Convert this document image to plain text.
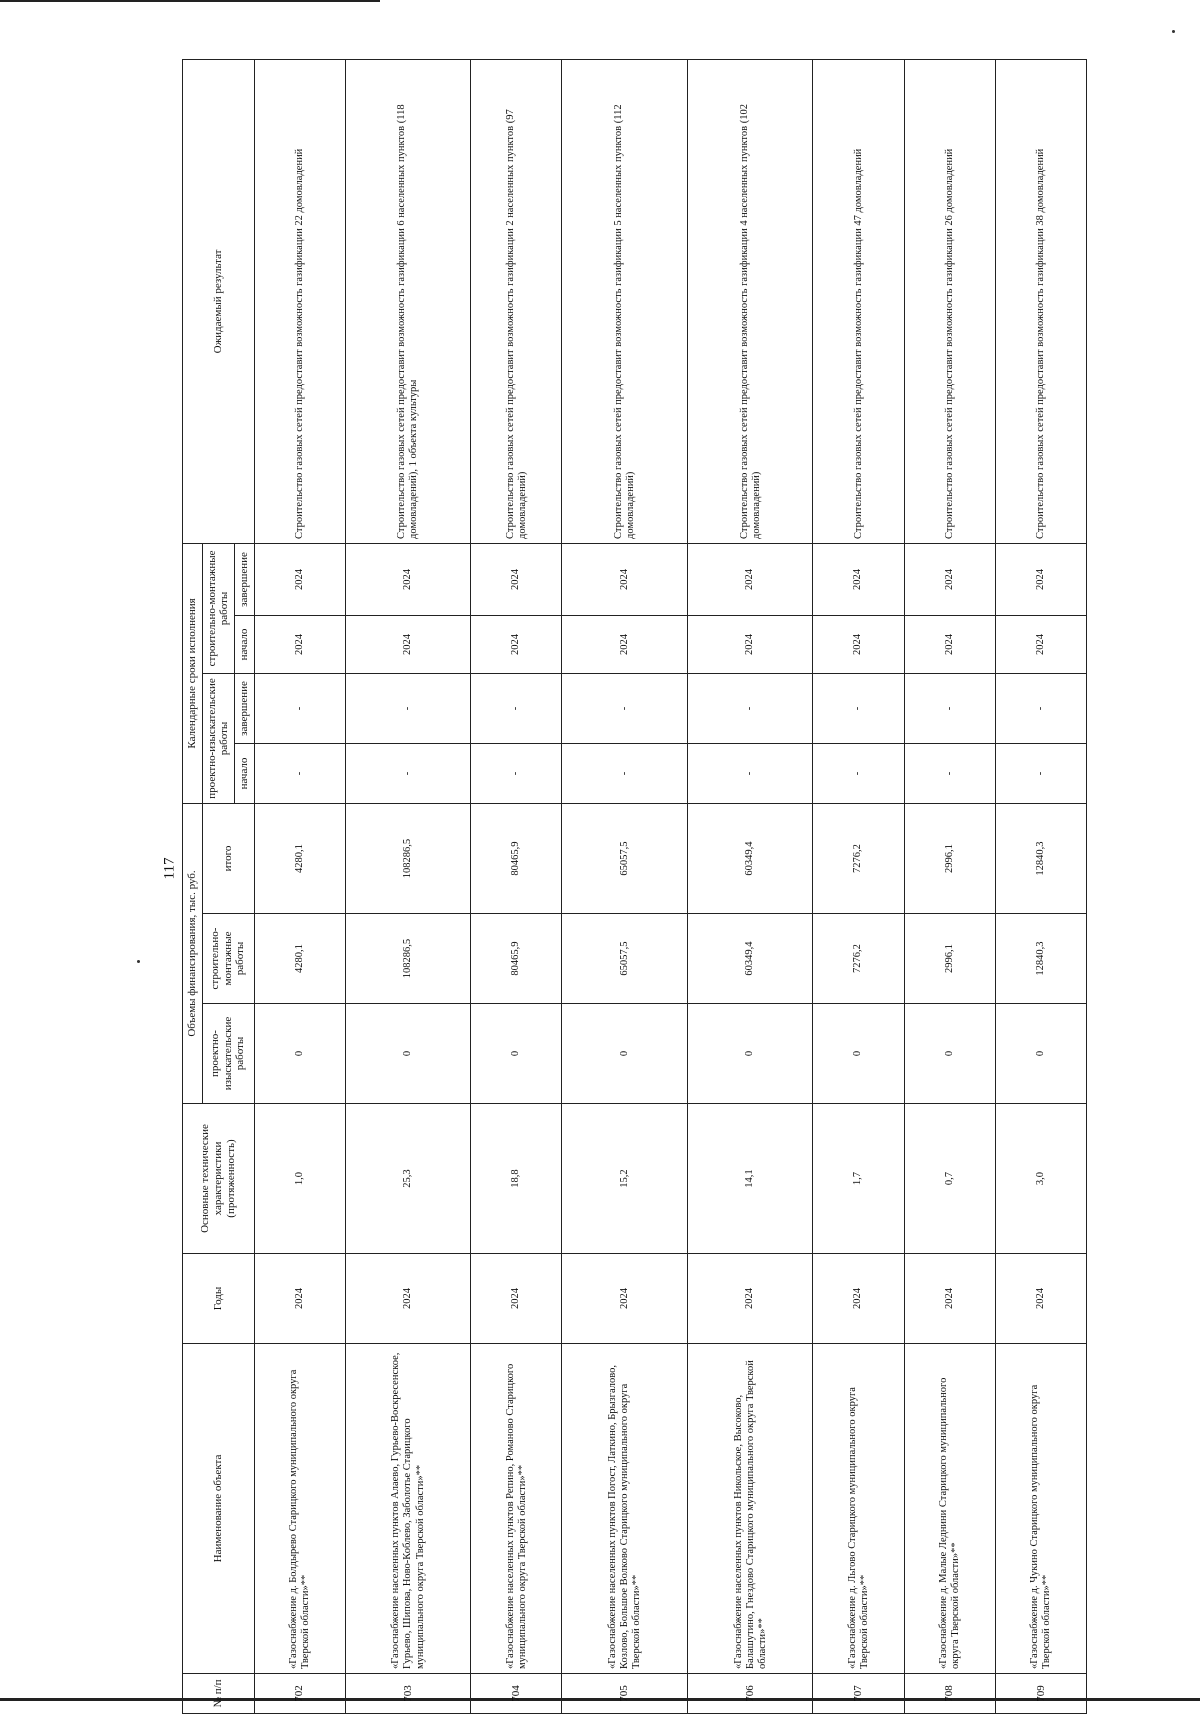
117
№ п/п	Наименование объекта	Годы	Основные технические характеристики (протяженность)	Объемы финансирования, тыс. руб.			Календарные сроки исполнения				Ожидаемый результат
				проектно-изыскательские работы	строительно-монтажные работы	итого	проектно-изыскательские работы		строительно-монтажные работы		
							начало	завершение	начало	завершение	
702	«Газоснабжение д. Болдырево Старицкого муниципального округа Тверской области»**	2024	1,0	0	4280,1	4280,1	-	-	2024	2024	Строительство газовых сетей предоставит возможность газификации 22 домовладений
703	«Газоснабжение населенных пунктов Алаево, Гурьево-Воскресенское, Гурьево, Шипова, Ново-Коблево, Заболотье Старицкого муниципального округа Тверской области»**	2024	25,3	0	108286,5	108286,5	-	-	2024	2024	Строительство газовых сетей предоставит возможность газификации 6 населенных пунктов (118 домовладений), 1 объекта культуры
704	«Газоснабжение населенных пунктов Репино, Романово Старицкого муниципального округа Тверской области»**	2024	18,8	0	80465,9	80465,9	-	-	2024	2024	Строительство газовых сетей предоставит возможность газификации 2 населенных пунктов (97 домовладений)
705	«Газоснабжение населенных пунктов Погост, Латкино, Брызгалово, Козлово, Большое Волково Старицкого муниципального округа Тверской области»**	2024	15,2	0	65057,5	65057,5	-	-	2024	2024	Строительство газовых сетей предоставит возможность газификации 5 населенных пунктов (112 домовладений)
706	«Газоснабжение населенных пунктов Никольское, Высоково, Балашутино, Гнездово Старицкого муниципального округа Тверской области»**	2024	14,1	0	60349,4	60349,4	-	-	2024	2024	Строительство газовых сетей предоставит возможность газификации 4 населенных пунктов (102 домовладений)
707	«Газоснабжение д. Льгово Старицкого муниципального округа Тверской области»**	2024	1,7	0	7276,2	7276,2	-	-	2024	2024	Строительство газовых сетей предоставит возможность газификации 47 домовладений
708	«Газоснабжение д. Малые Леднини Старицкого муниципального округа Тверской области»**	2024	0,7	0	2996,1	2996,1	-	-	2024	2024	Строительство газовых сетей предоставит возможность газификации 26 домовладений
709	«Газоснабжение д. Чукино Старицкого муниципального округа Тверской области»**	2024	3,0	0	12840,3	12840,3	-	-	2024	2024	Строительство газовых сетей предоставит возможность газификации 38 домовладений
